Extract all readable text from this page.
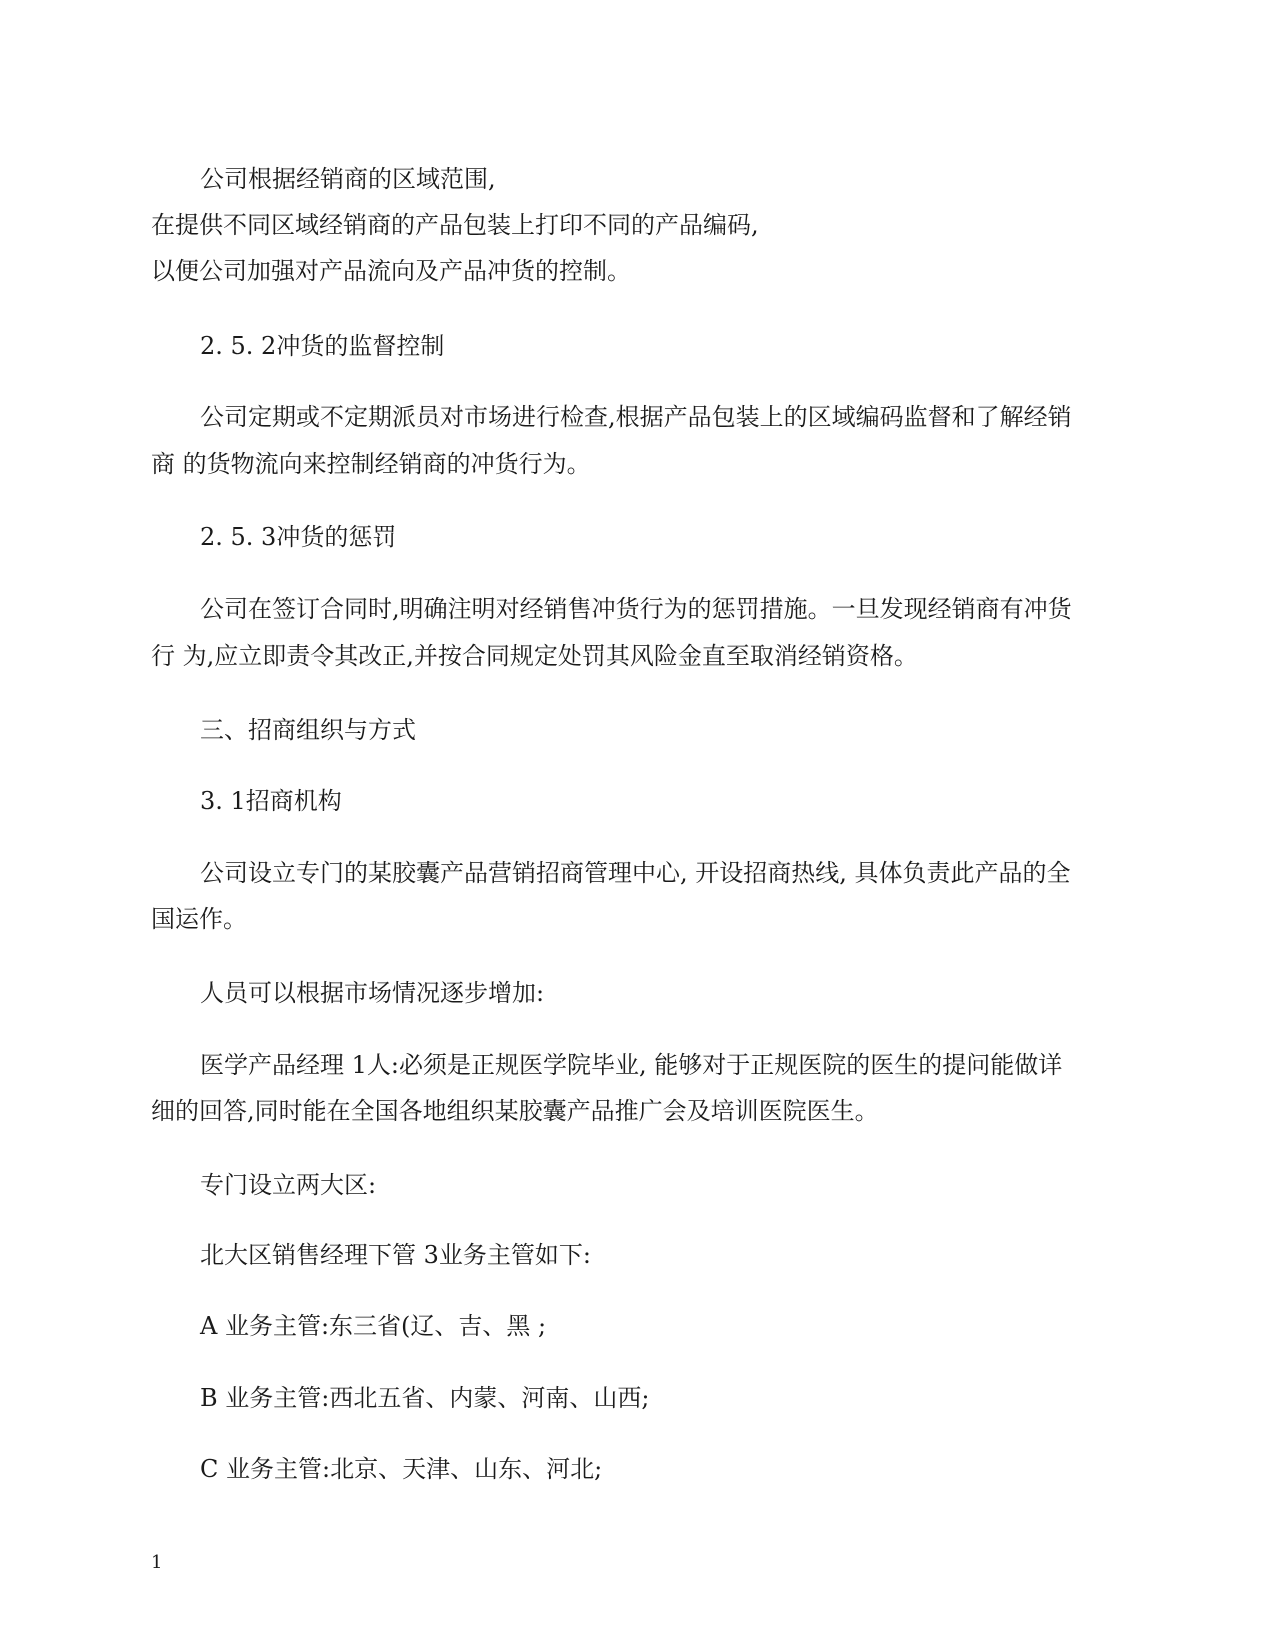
公司根据经销商的区域范围,
在提供不同区域经销商的产品包装上打印不同的产品编码,
以便公司加强对产品流向及产品冲货的控制。
2. 5. 2冲货的监督控制
公司定期或不定期派员对市场进行检查,根据产品包装上的区域编码监督和了解经销
商 的货物流向来控制经销商的冲货行为。
2. 5. 3冲货的惩罚
公司在签订合同时,明确注明对经销售冲货行为的惩罚措施。一旦发现经销商有冲货
行 为,应立即责令其改正,并按合同规定处罚其风险金直至取消经销资格。
三、招商组织与方式
3. 1招商机构
公司设立专门的某胶囊产品营销招商管理中心, 开设招商热线, 具体负责此产品的全
国运作。
人员可以根据市场情况逐步增加:
医学产品经理 1人:必须是正规医学院毕业, 能够对于正规医院的医生的提问能做详
细的回答,同时能在全国各地组织某胶囊产品推广会及培训医院医生。
专门设立两大区:
北大区销售经理下管 3业务主管如下:
A 业务主管:东三省(辽、吉、黑 ;
B 业务主管:西北五省、内蒙、河南、山西;
C 业务主管:北京、天津、山东、河北;
1
